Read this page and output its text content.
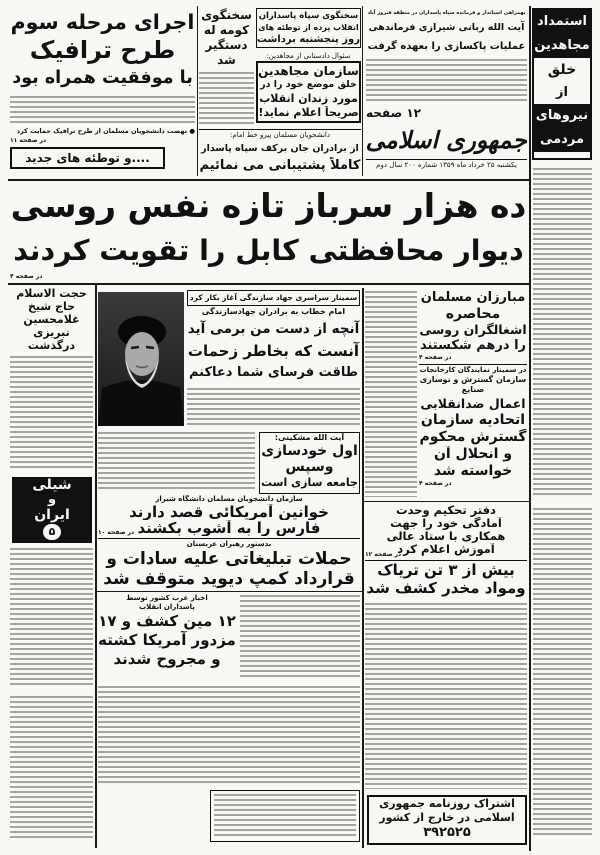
استمداد
مجاهدین
خلق
از
نیروهای
مردمی
بهمراهی استاندار و فرمانده سپاه پاسداران در منطقه فیروز آباد
آیت الله ربانی شیرازی فرماندهی
عملیات پاکسازی را بعهده گرفت
۱۲ صفحه
جمهوری اسلامی
یکشنبه ۲۵ خرداد ماه ۱۳۵۹ شماره ۲۰۰ سال دوم
سخنگوی سپاه پاسداران
انقلاب پرده از توطئه های
روز پنجشنبه برداشت
سئوال دادستانی از مجاهدین:
سازمان مجاهدین
خلق موضع خود را در
مورد زندان انقلاب
صریحاً اعلام نماید!
سخنگوی
کومه له
دستگیر
شد
دانشجویان مسلمان پیرو خط امام:
از برادران جان برکف سپاه پاسدار
کاملاً پشتیبانی می نمائیم
اجرای مرحله سوم
طرح ترافیک
با موفقیت همراه بود
● نهضت دانشجویان مسلمان از طرح ترافیک حمایت کرد
در صفحه ۱۱
....و توطئه های جدید
ده هزار سرباز تازه نفس روسی
دیوار محافظتی کابل را تقویت کردند
در صفحه ۴
حجت الاسلام
حاج شیخ
غلامحسین
تبریزی
درگذشت
شیلی
و
ایران
۵
سمینار سراسری جهاد سازندگی آغاز بکار کرد
امام خطاب به برادران جهادسازندگی
آنچه از دست من برمی آید
آنست که بخاطر زحمات
طاقت فرسای شما دعاکنم
آیت الله مشکینی:
اول خودسازی
وسپس
جامعه سازی است
سازمان دانشجویان مسلمان دانشگاه شیراز
خوانین آمریکائی قصد دارند
فارس را به آشوب بکشند
در صفحه ۱۰
بدستور رهبران عربستان
حملات تبلیغاتی علیه سادات و
قرارداد کمپ دیوید متوقف شد
اخبار غرب کشور توسط
پاسداران انقلاب
۱۲ مین کشف و ۱۷
مزدور آمریکا کشته
و مجروح شدند
مبارزان مسلمان
محاصره
اشغالگران روسی
را درهم شکستند
در صفحه ۴
در سمینار نمایندگان کارخانجات
سازمان گسترش و نوسازی
صنایع
اعمال ضدانقلابی
اتحادیه سازمان
گسترش محکوم
و انحلال آن
خواسته شد
در صفحه ۴
دفتر تحکیم وحدت
آمادگی خود را جهت
همکاری با ستاد عالی
آموزش اعلام کرد
در صفحه ۱۲
بیش از ۳ تن تریاک
ومواد مخدر کشف شد
اشتراک روزنامه جمهوری
اسلامی در خارج از کشور
۳۹۲۵۲۵
